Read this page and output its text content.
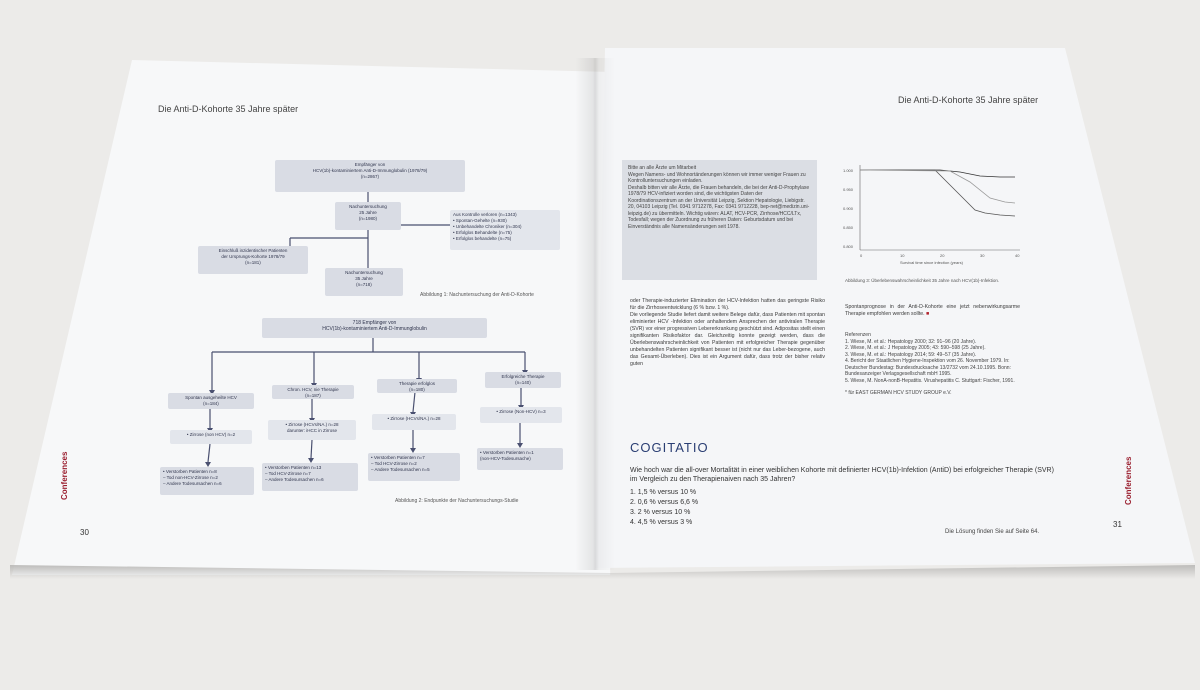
Die Anti-D-Kohorte 35 Jahre später
30
Conferences
Empfänger von
HCV(1b)-kontaminiertem Anti-D-Immunglobulin (1978/79)
(n=2867)
Nachuntersuchung
25 Jahre
(n=1980)
Aus Kontrolle verloren (n=1343)
• Spontan-Gehelte (n=930)
• Unbehandelte Chroniker (n=304)
• Erfolglos Behandelte (n=75)
• Erfolglos behandelte (n=75)
Einschluß inzidentischer Patienten
der Ursprungs-Kohorte 1978/79
(n=181)
Nachuntersuchung
35 Jahre
(n=718)
Abbildung 1: Nachuntersuchung der Anti-D-Kohorte
718 Empfänger von
HCV(1b)-kontaminiertem Anti-D-Immunglobulin
Spontan ausgeheilte HCV
(n=184)
Chron. HCV, nie Therapie
(n=187)
Therapie erfolglos
(n=180)
Erfolgreiche Therapie
(n=140)
• Zirrose (non HCV) n=2
• Zirrose (HCVs/NA.) n=28
darunter: iHCC in Zirrose
• Zirrose (HCVs/NA.) n=28
• Zirrose (Non-HCV) n=3
• Verstorben Patienten n=8
– Tod non-HCV-Zirrose n=2
– Andere Todesursachen n=6
• Verstorben Patienten n=13
– Tod HCV-Zirrose n=7
– Andere Todesursachen n=6
• Verstorben Patienten n=7
– Tod HCV-Zirrose n=2
– Andere Todesursachen n=5
• Verstorben Patienten n=1
(non-HCV-Todesursache)
Abbildung 2: Endpunkte der Nachuntersuchungs-Studie
Die Anti-D-Kohorte 35 Jahre später
31
Conferences
Bitte an alle Ärzte um Mitarbeit
Wegen Namens- und Wohnortänderungen können wir immer weniger Frauen zu Kontrolluntersuchungen einladen.
Deshalb bitten wir alle Ärzte, die Frauen behandeln, die bei der Anti-D-Prophylaxe 1978/79 HCV-infiziert worden sind, die wichtigsten Daten der Koordinationszentrum an der Universität Leipzig, Sektion Hepatologie, Liebigstr. 20, 04103 Leipzig (Tel. 0341 9712278, Fax: 0341 9712228, bep-net@medizin.uni-leipzig.de) zu übermitteln. Wichtig wären: ALAT, HCV-PCR, Zirrhose/HCC/LTx, Todesfall; wegen der Zuordnung zu früheren Daten: Geburtsdatum und bei Einverständnis alle Namensänderungen seit 1978.
1.000
0.950
0.900
0.850
0.800
0	10	20	30	40
Survival time since infection (years)
Abbildung 3: Überlebenswahrscheinlichkeit 35 Jahre nach HCV(1b)-Infektion.
oder Therapie-induzierter Elimination der HCV-Infektion hatten das geringste Risiko für die Zirrhoseentwicklung (6 % bzw. 1 %).
Die vorliegende Studie liefert damit weitere Belege dafür, dass Patienten mit spontan eliminierter HCV -Infektion oder anhaltendem Ansprechen der antiviralen Therapie (SVR) vor einer progressiven Lebererkrankung geschützt sind. Adipositas stellt einen signifikanten Risikofaktor dar. Gleichzeitig konnte gezeigt werden, dass die Überlebenswahrscheinlichkeit von Patienten mit erfolgreicher Therapie gegenüber unbehandelten Patienten signifikant besser ist (nicht nur das Leber-bezogene, auch das Gesamt-Überleben). Dies ist ein Argument dafür, dass trotz der bisher relativ guten
Spontanprognose in der Anti-D-Kohorte eine jetzt nebenwirkungsarme Therapie empfohlen werden sollte. ■
Referenzen
1. Wiese, M. et al.: Hepatology 2000; 32: 91–96 (20 Jahre).
2. Wiese, M. et al.: J Hepatology 2005; 43: 590–598 (25 Jahre).
3. Wiese, M. et al.: Hepatology 2014; 59: 49–57 (35 Jahre).
4. Bericht der Staatlichen Hygiene-Inspektion vom 26. November 1979. In: Deutscher Bundestag: Bundesdrucksache 13/2732 vom 24.10.1995. Bonn: Bundesanzeiger Verlagsgesellschaft mbH 1995.
5. Wiese, M. NonA-nonB-Hepatitis. Virushepatitis C. Stuttgart: Fischer, 1991.
* für EAST GERMAN HCV STUDY GROUP e.V.
COGITATIO
Wie hoch war die all-over Mortalität in einer weiblichen Kohorte mit definierter HCV(1b)-Infektion (AntiD) bei erfolgreicher Therapie (SVR) im Vergleich zu den Therapienaiven nach 35 Jahren?
1. 1,5 % versus 10 %
2. 0,6 % versus 6,6 %
3. 2 % versus 10 %
4. 4,5 % versus 3 %
Die Lösung finden Sie auf Seite 64.
